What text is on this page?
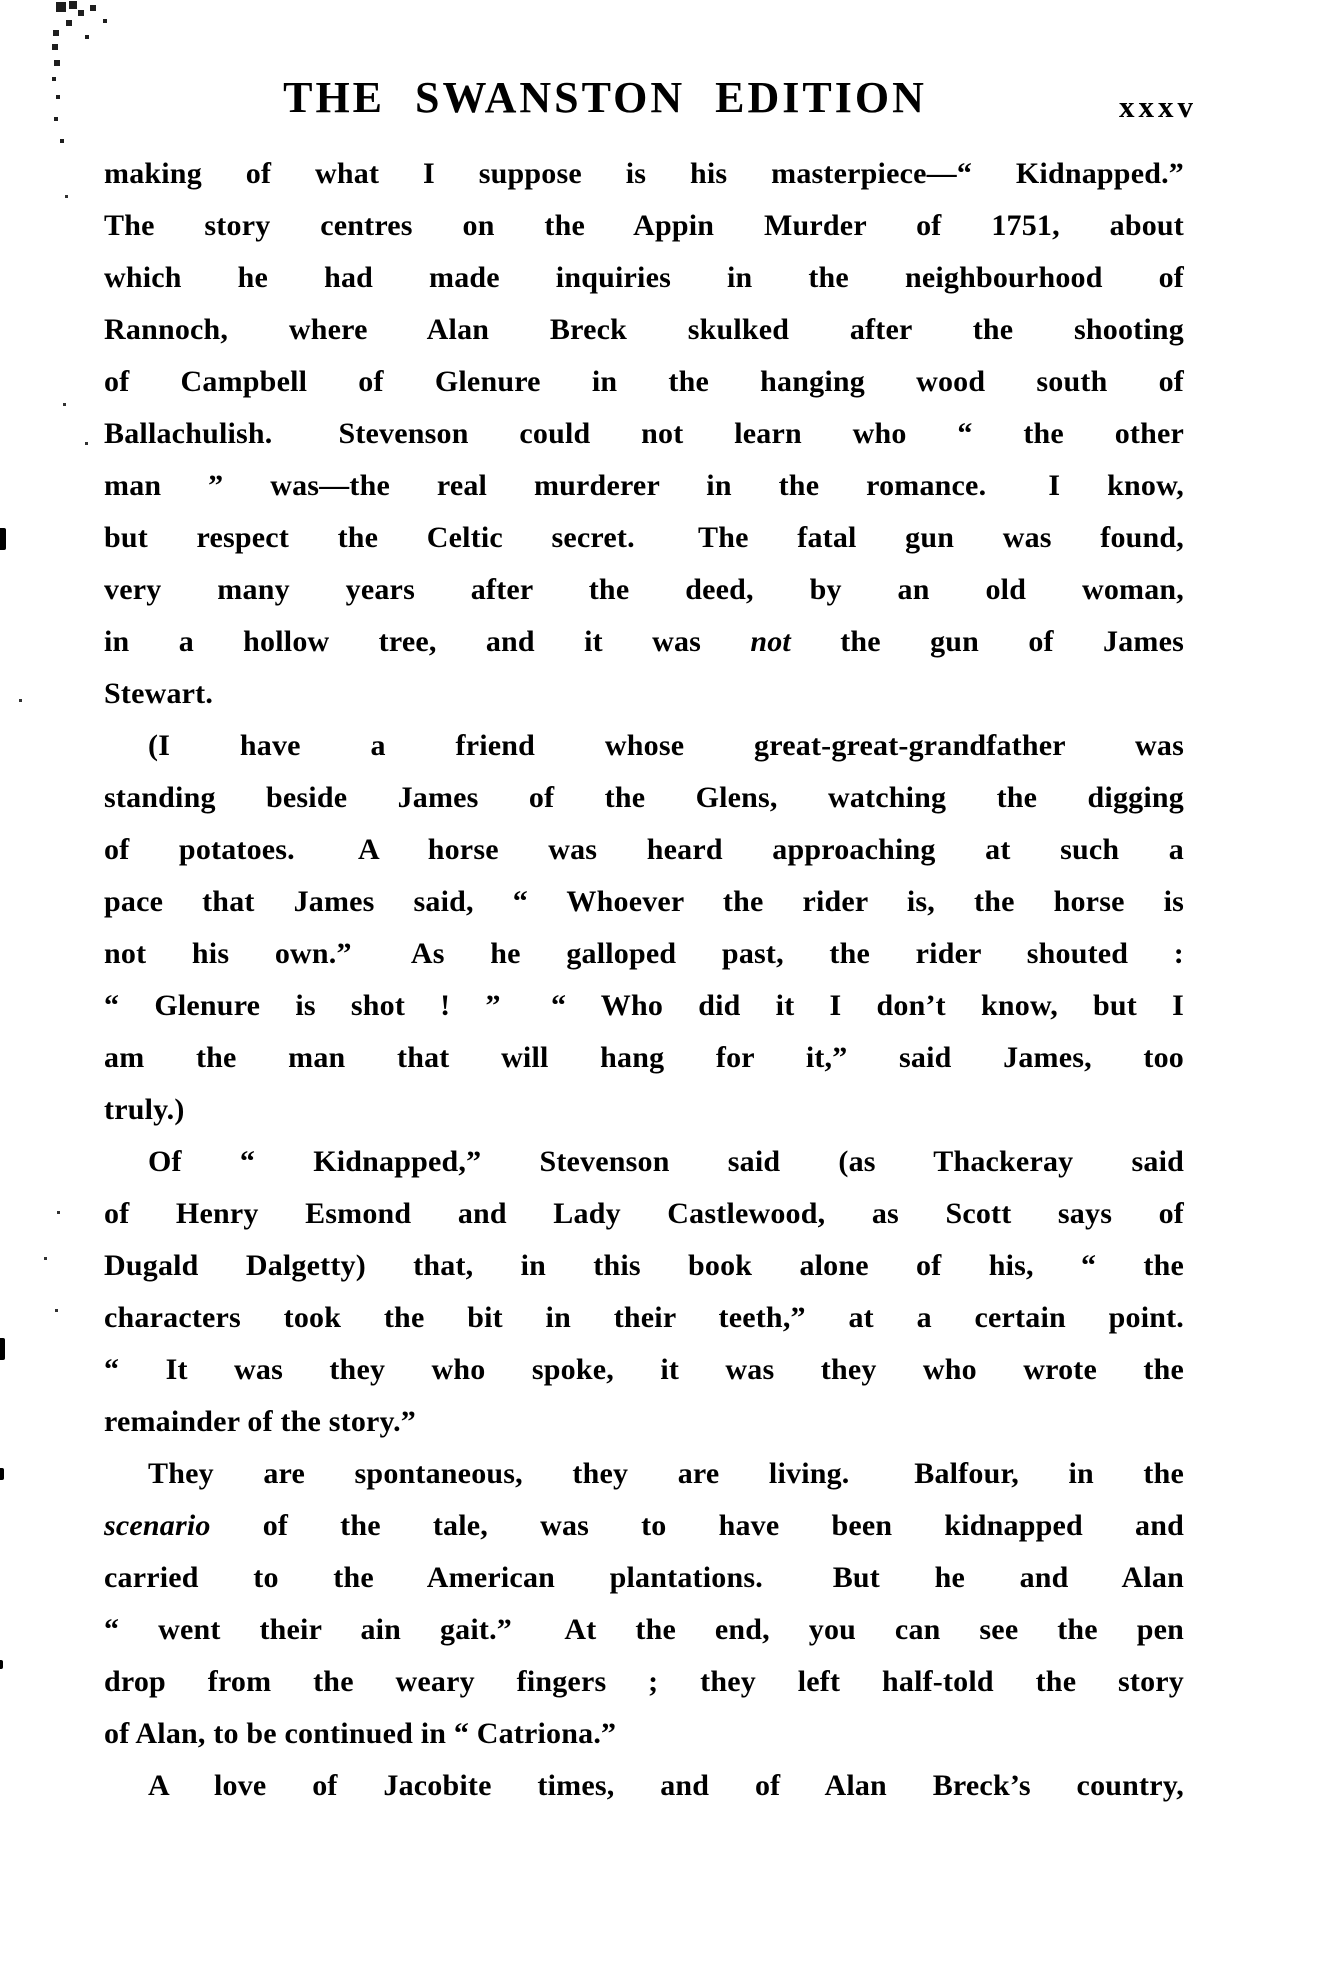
THE SWANSTON EDITION	xxxv
making of what I suppose is his masterpiece—“ Kidnapped.”
The story centres on the Appin Murder of 1751, about
which he had made inquiries in the neighbourhood of
Rannoch, where Alan Breck skulked after the shooting
of Campbell of Glenure in the hanging wood south of
Ballachulish.  Stevenson could not learn who “ the other
man ” was—the real murderer in the romance.  I know,
but respect the Celtic secret.  The fatal gun was found,
very many years after the deed, by an old woman,
in a hollow tree, and it was not the gun of James
Stewart.
(I have a friend whose great-great-grandfather was
standing beside James of the Glens, watching the digging
of potatoes.  A horse was heard approaching at such a
pace that James said, “ Whoever the rider is, the horse is
not his own.”  As he galloped past, the rider shouted :
“ Glenure is shot ! ”  “ Who did it I don’t know, but I
am the man that will hang for it,” said James, too
truly.)
Of “ Kidnapped,” Stevenson said (as Thackeray said
of Henry Esmond and Lady Castlewood, as Scott says of
Dugald Dalgetty) that, in this book alone of his, “ the
characters took the bit in their teeth,” at a certain point.
“ It was they who spoke, it was they who wrote the
remainder of the story.”
They are spontaneous, they are living.  Balfour, in the
scenario of the tale, was to have been kidnapped and
carried to the American plantations.  But he and Alan
“ went their ain gait.”  At the end, you can see the pen
drop from the weary fingers ; they left half-told the story
of Alan, to be continued in “ Catriona.”
A love of Jacobite times, and of Alan Breck’s country,
